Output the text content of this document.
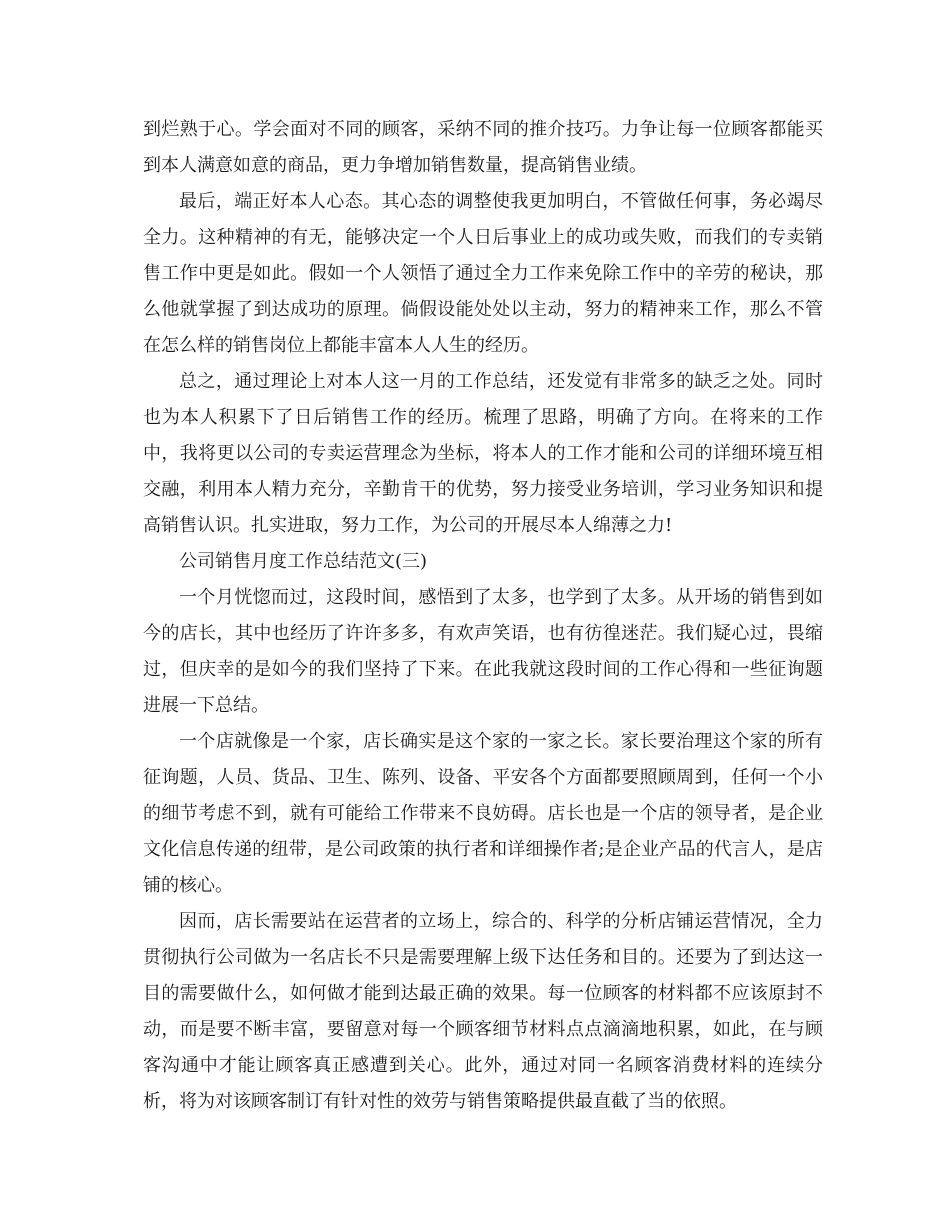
到烂熟于心。学会面对不同的顾客，采纳不同的推介技巧。力争让每一位顾客都能买到本人满意如意的商品，更力争增加销售数量，提高销售业绩。

最后，端正好本人心态。其心态的调整使我更加明白，不管做任何事，务必竭尽全力。这种精神的有无，能够决定一个人日后事业上的成功或失败，而我们的专卖销售工作中更是如此。假如一个人领悟了通过全力工作来免除工作中的辛劳的秘诀，那么他就掌握了到达成功的原理。倘假设能处处以主动，努力的精神来工作，那么不管在怎么样的销售岗位上都能丰富本人人生的经历。

总之，通过理论上对本人这一月的工作总结，还发觉有非常多的缺乏之处。同时也为本人积累下了日后销售工作的经历。梳理了思路，明确了方向。在将来的工作中，我将更以公司的专卖运营理念为坐标，将本人的工作才能和公司的详细环境互相交融，利用本人精力充分，辛勤肯干的优势，努力接受业务培训，学习业务知识和提高销售认识。扎实进取，努力工作，为公司的开展尽本人绵薄之力!

公司销售月度工作总结范文(三)

一个月恍惚而过，这段时间，感悟到了太多，也学到了太多。从开场的销售到如今的店长，其中也经历了许许多多，有欢声笑语，也有彷徨迷茫。我们疑心过，畏缩过，但庆幸的是如今的我们坚持了下来。在此我就这段时间的工作心得和一些征询题进展一下总结。

一个店就像是一个家，店长确实是这个家的一家之长。家长要治理这个家的所有征询题，人员、货品、卫生、陈列、设备、平安各个方面都要照顾周到，任何一个小的细节考虑不到，就有可能给工作带来不良妨碍。店长也是一个店的领导者，是企业文化信息传递的纽带，是公司政策的执行者和详细操作者;是企业产品的代言人，是店铺的核心。

因而，店长需要站在运营者的立场上，综合的、科学的分析店铺运营情况，全力贯彻执行公司做为一名店长不只是需要理解上级下达任务和目的。还要为了到达这一目的需要做什么，如何做才能到达最正确的效果。每一位顾客的材料都不应该原封不动，而是要不断丰富，要留意对每一个顾客细节材料点点滴滴地积累，如此，在与顾客沟通中才能让顾客真正感遭到关心。此外，通过对同一名顾客消费材料的连续分析，将为对该顾客制订有针对性的效劳与销售策略提供最直截了当的依照。
